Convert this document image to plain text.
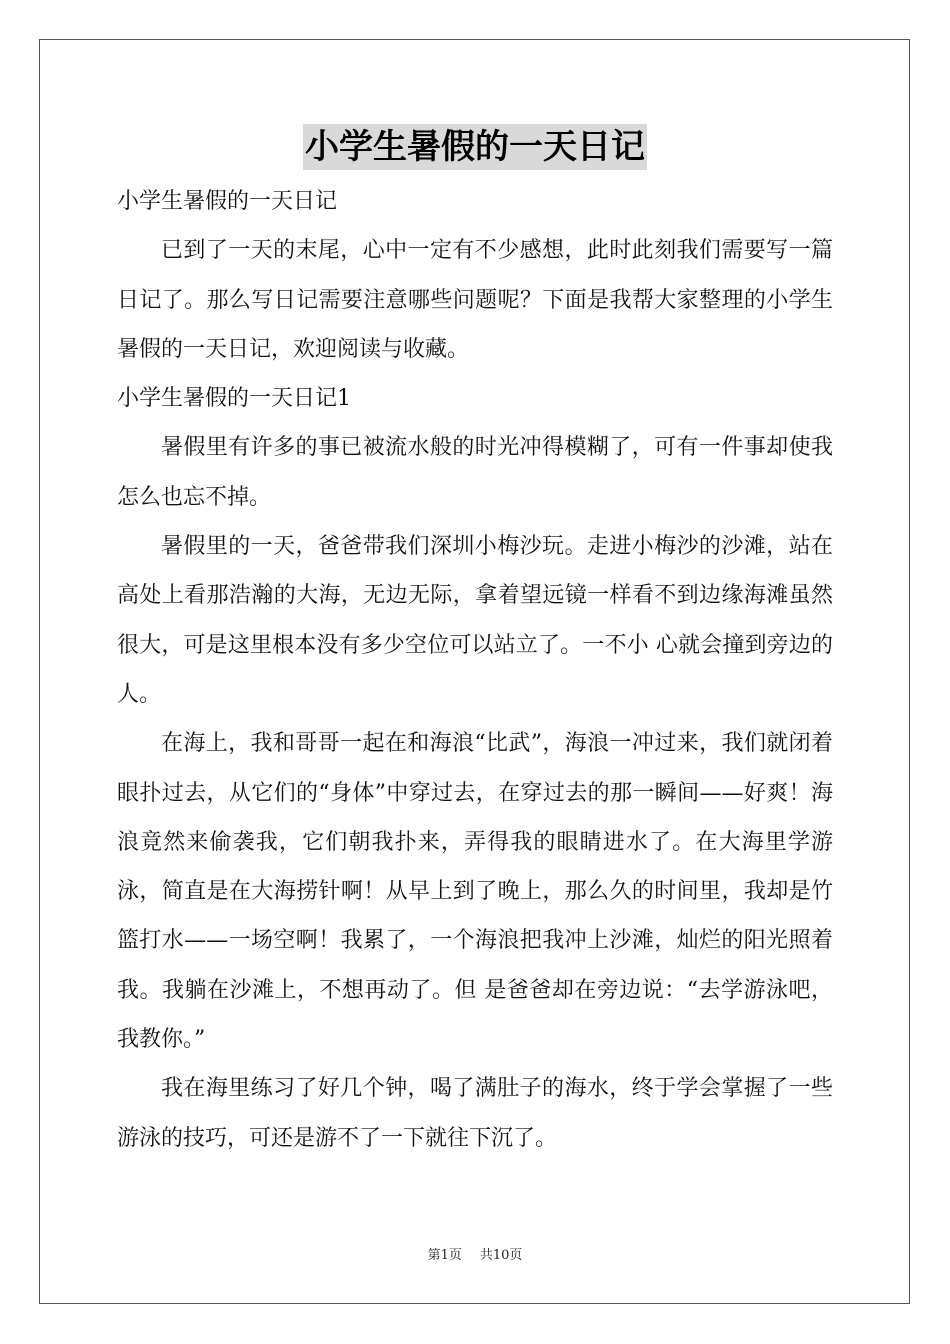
小学生暑假的一天日记

小学生暑假的一天日记

已到了一天的末尾，心中一定有不少感想，此时此刻我们需要写一篇日记了。那么写日记需要注意哪些问题呢？下面是我帮大家整理的小学生暑假的一天日记，欢迎阅读与收藏。

小学生暑假的一天日记1

暑假里有许多的事已被流水般的时光冲得模糊了，可有一件事却使我怎么也忘不掉。

暑假里的一天，爸爸带我们深圳小梅沙玩。走进小梅沙的沙滩，站在高处上看那浩瀚的大海，无边无际，拿着望远镜一样看不到边缘海滩虽然很大，可是这里根本没有多少空位可以站立了。一不小 心就会撞到旁边的人。

在海上，我和哥哥一起在和海浪“比武”，海浪一冲过来，我们就闭着眼扑过去，从它们的“身体”中穿过去，在穿过去的那一瞬间——好爽！海浪竟然来偷袭我，它们朝我扑来，弄得我的眼睛进水了。在大海里学游泳，简直是在大海捞针啊！从早上到了晚上，那么久的时间里，我却是竹篮打水——一场空啊！我累了，一个海浪把我冲上沙滩，灿烂的阳光照着我。我躺在沙滩上，不想再动了。但 是爸爸却在旁边说：“去学游泳吧，我教你。”

我在海里练习了好几个钟，喝了满肚子的海水，终于学会掌握了一些游泳的技巧，可还是游不了一下就往下沉了。

第1页 共10页
